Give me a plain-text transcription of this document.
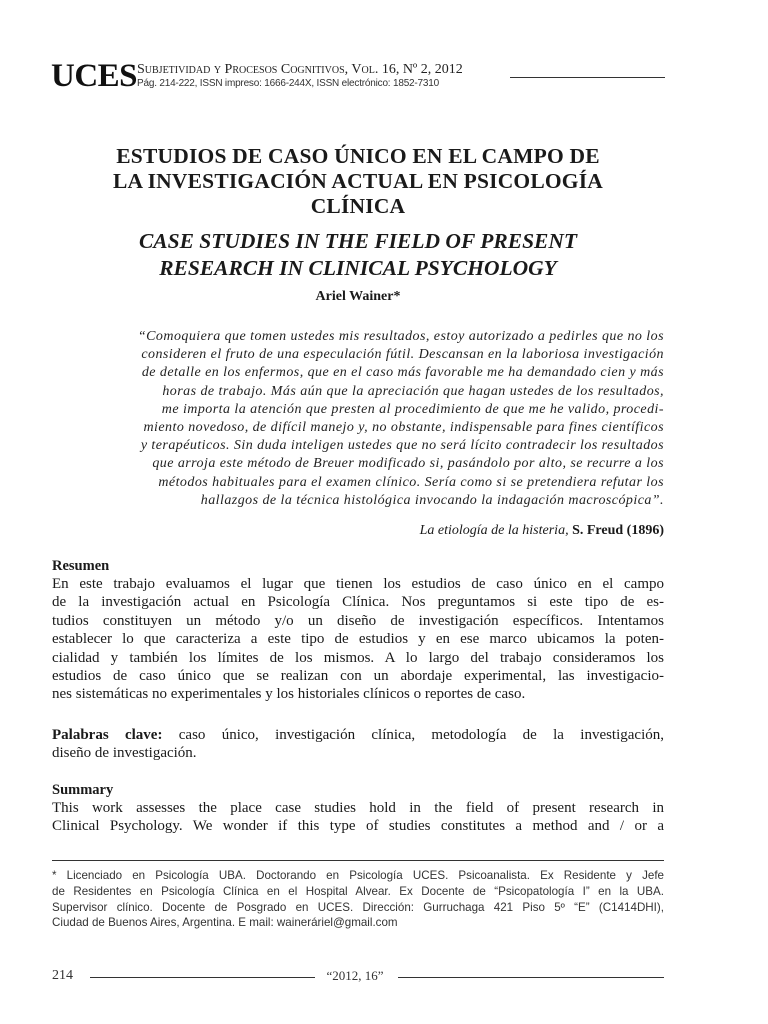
UCES Subjetividad y Procesos Cognitivos, Vol. 16, Nº 2, 2012
Pág. 214-222, ISSN impreso: 1666-244X, ISSN electrónico: 1852-7310
ESTUDIOS DE CASO ÚNICO EN EL CAMPO DE
LA INVESTIGACIÓN ACTUAL EN PSICOLOGÍA
CLÍNICA
CASE STUDIES IN THE FIELD OF PRESENT
RESEARCH IN CLINICAL PSYCHOLOGY
Ariel Wainer*
“Comoquiera que tomen ustedes mis resultados, estoy autorizado a pedirles que no los
consideren el fruto de una especulación fútil. Descansan en la laboriosa investigación
de detalle en los enfermos, que en el caso más favorable me ha demandado cien y más
horas de trabajo. Más aún que la apreciación que hagan ustedes de los resultados,
me importa la atención que presten al procedimiento de que me he valido, procedi-
miento novedoso, de difícil manejo y, no obstante, indispensable para fines científicos
y terapéuticos. Sin duda inteligen ustedes que no será lícito contradecir los resultados
que arroja este método de Breuer modificado si, pasándolo por alto, se recurre a los
métodos habituales para el examen clínico. Sería como si se pretendiera refutar los
hallazgos de la técnica histológica invocando la indagación macroscópica”.
La etiología de la histeria, S. Freud (1896)
Resumen
En este trabajo evaluamos el lugar que tienen los estudios de caso único en el campo
de la investigación actual en Psicología Clínica. Nos preguntamos si este tipo de es-
tudios constituyen un método y/o un diseño de investigación específicos. Intentamos
establecer lo que caracteriza a este tipo de estudios y en ese marco ubicamos la poten-
cialidad y también los límites de los mismos. A lo largo del trabajo consideramos los
estudios de caso único que se realizan con un abordaje experimental, las investigacio-
nes sistemáticas no experimentales y los historiales clínicos o reportes de caso.
Palabras clave: caso único, investigación clínica, metodología de la investigación,
diseño de investigación.
Summary
This work assesses the place case studies hold in the field of present research in
Clinical Psychology. We wonder if this type of studies constitutes a method and / or a
* Licenciado en Psicología UBA. Doctorando en Psicología UCES. Psicoanalista. Ex Residente y Jefe
de Residentes en Psicología Clínica en el Hospital Alvear. Ex Docente de “Psicopatología I” en la UBA.
Supervisor clínico. Docente de Posgrado en UCES. Dirección: Gurruchaga 421 Piso 5º “E” (C1414DHI),
Ciudad de Buenos Aires, Argentina. E mail: waineráriel@gmail.com
214	“2012, 16”
